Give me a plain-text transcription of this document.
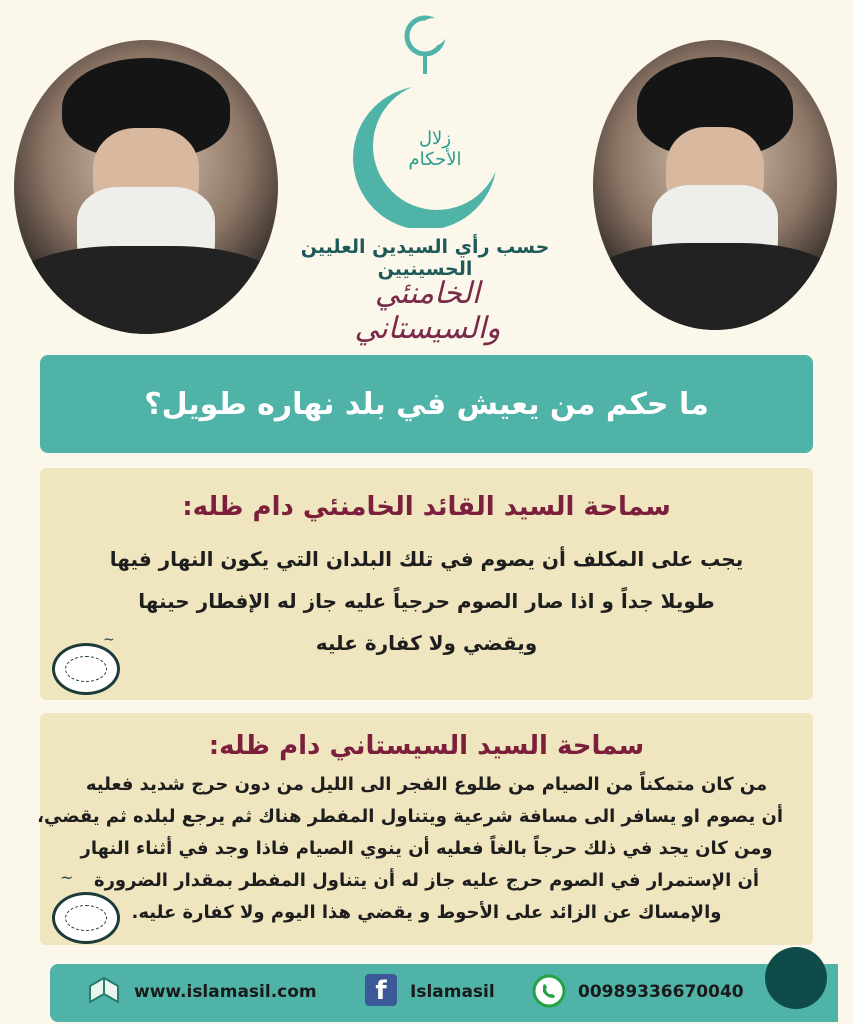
زلال الأحكام
حسب رأي السيدين العليين الحسينيين
الخامنئي والسيستاني
ما حكم من يعيش في بلد نهاره طويل؟
سماحة السيد القائد الخامنئي دام ظله:
يجب على المكلف أن يصوم في تلك البلدان التي يكون النهار فيها
طويلا جداً و اذا صار الصوم حرجياً عليه جاز له الإفطار حينها
ويقضي ولا كفارة عليه
~
سماحة السيد السيستاني دام ظله:
من كان متمكناً من الصيام من طلوع الفجر الى الليل من دون حرج شديد فعليه
أن يصوم او يسافر الى مسافة شرعية ويتناول المفطر هناك ثم يرجع لبلده ثم يقضي،
ومن كان يجد في ذلك حرجاً بالغاً فعليه أن ينوي الصيام فاذا وجد في أثناء النهار
أن الإستمرار في الصوم حرج عليه جاز له أن يتناول المفطر بمقدار الضرورة
والإمساك عن الزائد على الأحوط و يقضي هذا اليوم ولا كفارة عليه.
~
www.islamasil.com	f	Islamasil	00989336670040
